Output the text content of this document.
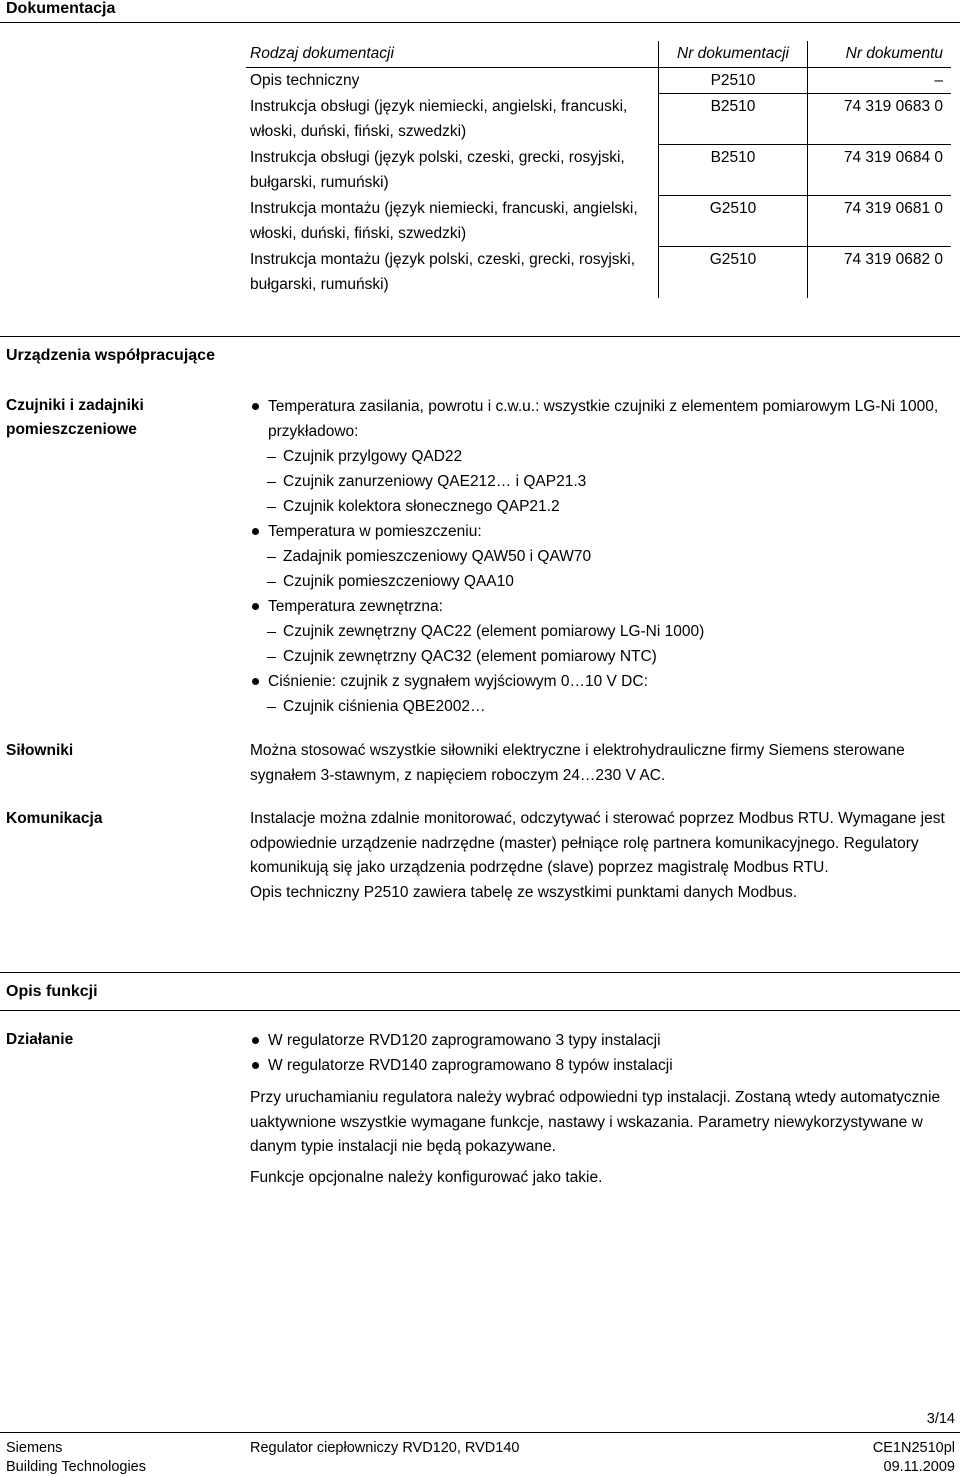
Dokumentacja
Rodzaj dokumentacji	Nr dokumentacji	Nr dokumentu
Opis techniczny	P2510	–
Instrukcja obsługi (język niemiecki, angielski, francuski, włoski, duński, fiński, szwedzki)	B2510	74 319 0683 0
Instrukcja obsługi (język polski, czeski, grecki, rosyjski, bułgarski, rumuński)	B2510	74 319 0684 0
Instrukcja montażu (język niemiecki, francuski, angielski, włoski, duński, fiński, szwedzki)	G2510	74 319 0681 0
Instrukcja montażu (język polski, czeski, grecki, rosyjski, bułgarski, rumuński)	G2510	74 319 0682 0
Urządzenia współpracujące
Czujniki i zadajniki pomieszczeniowe
Temperatura zasilania, powrotu i c.w.u.: wszystkie czujniki z elementem pomiarowym LG-Ni 1000, przykładowo:
Czujnik przylgowy QAD22
Czujnik zanurzeniowy QAE212… i QAP21.3
Czujnik kolektora słonecznego QAP21.2
Temperatura w pomieszczeniu:
Zadajnik pomieszczeniowy QAW50 i QAW70
Czujnik pomieszczeniowy QAA10
Temperatura zewnętrzna:
Czujnik zewnętrzny QAC22 (element pomiarowy LG-Ni 1000)
Czujnik zewnętrzny QAC32 (element pomiarowy NTC)
Ciśnienie: czujnik z sygnałem wyjściowym 0…10 V DC:
Czujnik ciśnienia QBE2002…
Siłowniki	Można stosować wszystkie siłowniki elektryczne i elektrohydrauliczne firmy Siemens sterowane sygnałem 3-stawnym, z napięciem roboczym 24…230 V AC.
Komunikacja	Instalacje można zdalnie monitorować, odczytywać i sterować poprzez Modbus RTU. Wymagane jest odpowiednie urządzenie nadrzędne (master) pełniące rolę partnera komunikacyjnego. Regulatory komunikują się jako urządzenia podrzędne (slave) poprzez magistralę Modbus RTU.
Opis techniczny P2510 zawiera tabelę ze wszystkimi punktami danych Modbus.
Opis funkcji
Działanie	W regulatorze RVD120 zaprogramowano 3 typy instalacji
W regulatorze RVD140 zaprogramowano 8 typów instalacji
Przy uruchamianiu regulatora należy wybrać odpowiedni typ instalacji. Zostaną wtedy automatycznie uaktywnione wszystkie wymagane funkcje, nastawy i wskazania. Parametry niewykorzystywane w danym typie instalacji nie będą pokazywane.
Funkcje opcjonalne należy konfigurować jako takie.
3/14
Siemens
Building Technologies
Regulator ciepłowniczy RVD120, RVD140	CE1N2510pl
09.11.2009
